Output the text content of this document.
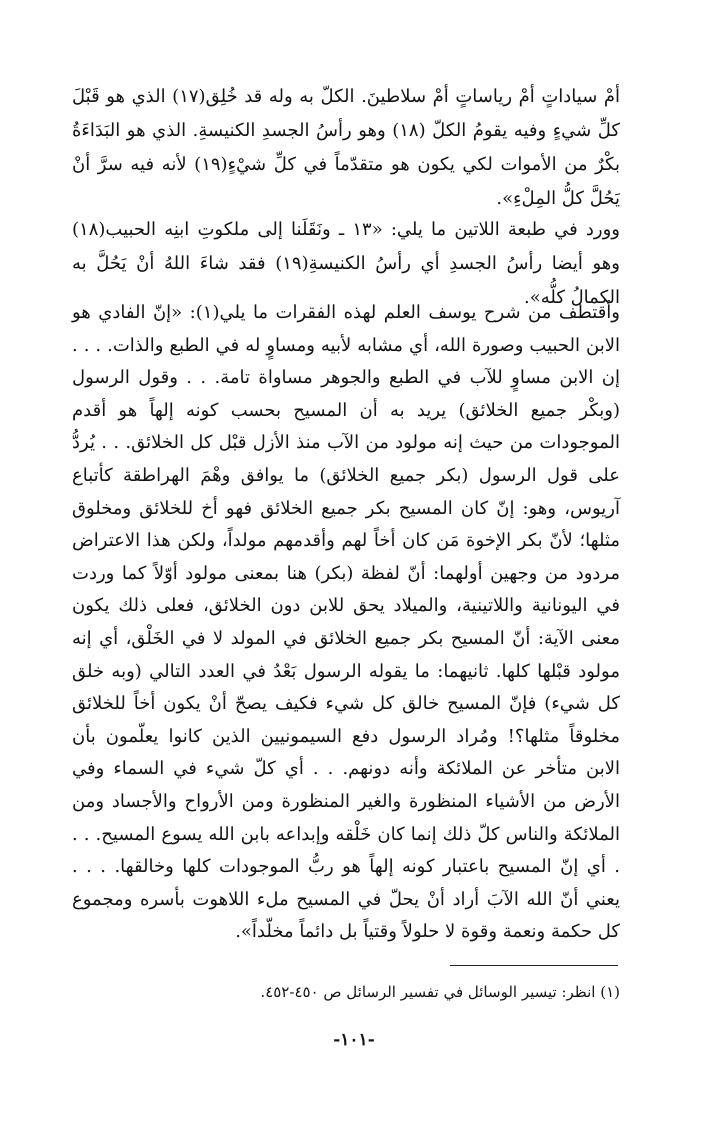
أمْ سياداتٍ أمْ رياساتٍ أمْ سلاطينَ. الكلّ به وله قد خُلِق(١٧) الذي هو قَبْلَ كلِّ شيءٍ وفيه يقومُ الكلّ (١٨) وهو رأسُ الجسدِ الكنيسةِ. الذي هو البَدَاءَةُ بكْرٌ من الأموات لكي يكون هو متقدّماً في كلِّ شيْءٍ(١٩) لأنه فيه سرَّ أنْ يَحُلَّ كلُّ المِلْءِ».

وورد في طبعة اللاتين ما يلي: «١٣ ـ ونَقَلَنا إلى ملكوتِ ابنِه الحبيب(١٨) وهو أيضا رأسُ الجسدِ أي رأسُ الكنيسةِ(١٩) فقد شاءَ اللهُ أنْ يَحُلَّ به الكمالُ كلُّه».

وأقتطف من شرح يوسف العلم لهذه الفقرات ما يلي(١): «إنّ الفادي هو الابن الحبيب وصورة الله، أي مشابه لأبيه ومساوٍ له في الطبع والذات. . . . إن الابن مساوٍ للآب في الطبع والجوهر مساواة تامة. . . وقول الرسول (وبكْر جميع الخلائق) يريد به أن المسيح بحسب كونه إلهاً هو أقدم الموجودات من حيث إنه مولود من الآب منذ الأزل قبْل كل الخلائق. . . يُردُّ على قول الرسول (بكر جميع الخلائق) ما يوافق وهْمَ الهراطقة كأتباع آريوس، وهو: إنّ كان المسيح بكر جميع الخلائق فهو أخ للخلائق ومخلوق مثلها؛ لأنّ بكر الإخوة مَن كان أخاً لهم وأقدمهم مولداً، ولكن هذا الاعتراض مردود من وجهين أولهما: أنّ لفظة (بكر) هنا بمعنى مولود أوّلاً كما وردت في اليونانية واللاتينية، والميلاد يحق للابن دون الخلائق، فعلى ذلك يكون معنى الآية: أنّ المسيح بكر جميع الخلائق في المولد لا في الخَلْق، أي إنه مولود قبْلها كلها. ثانيهما: ما يقوله الرسول بَعْدُ في العدد التالي (وبه خلق كل شيء) فإنّ المسيح خالق كل شيء فكيف يصحّ أنْ يكون أخاً للخلائق مخلوقاً مثلها؟! ومُراد الرسول دفع السيمونيين الذين كانوا يعلّمون بأن الابن متأخر عن الملائكة وأنه دونهم. . . أي كلّ شيء في السماء وفي الأرض من الأشياء المنظورة والغير المنظورة ومن الأرواح والأجساد ومن الملائكة والناس كلّ ذلك إنما كان خَلْقه وإبداعه بابن الله يسوع المسيح. . . . أي إنّ المسيح باعتبار كونه إلهاً هو ربُّ الموجودات كلها وخالقها. . . . يعني أنّ الله الآبَ أراد أنْ يحلّ في المسيح ملء اللاهوت بأسره ومجموع كل حكمة ونعمة وقوة لا حلولاً وقتياً بل دائماً مخلّداً».

(١) انظر: تيسير الوسائل في تفسير الرسائل ص ٤٥٠-٤٥٢.

-١٠١-
